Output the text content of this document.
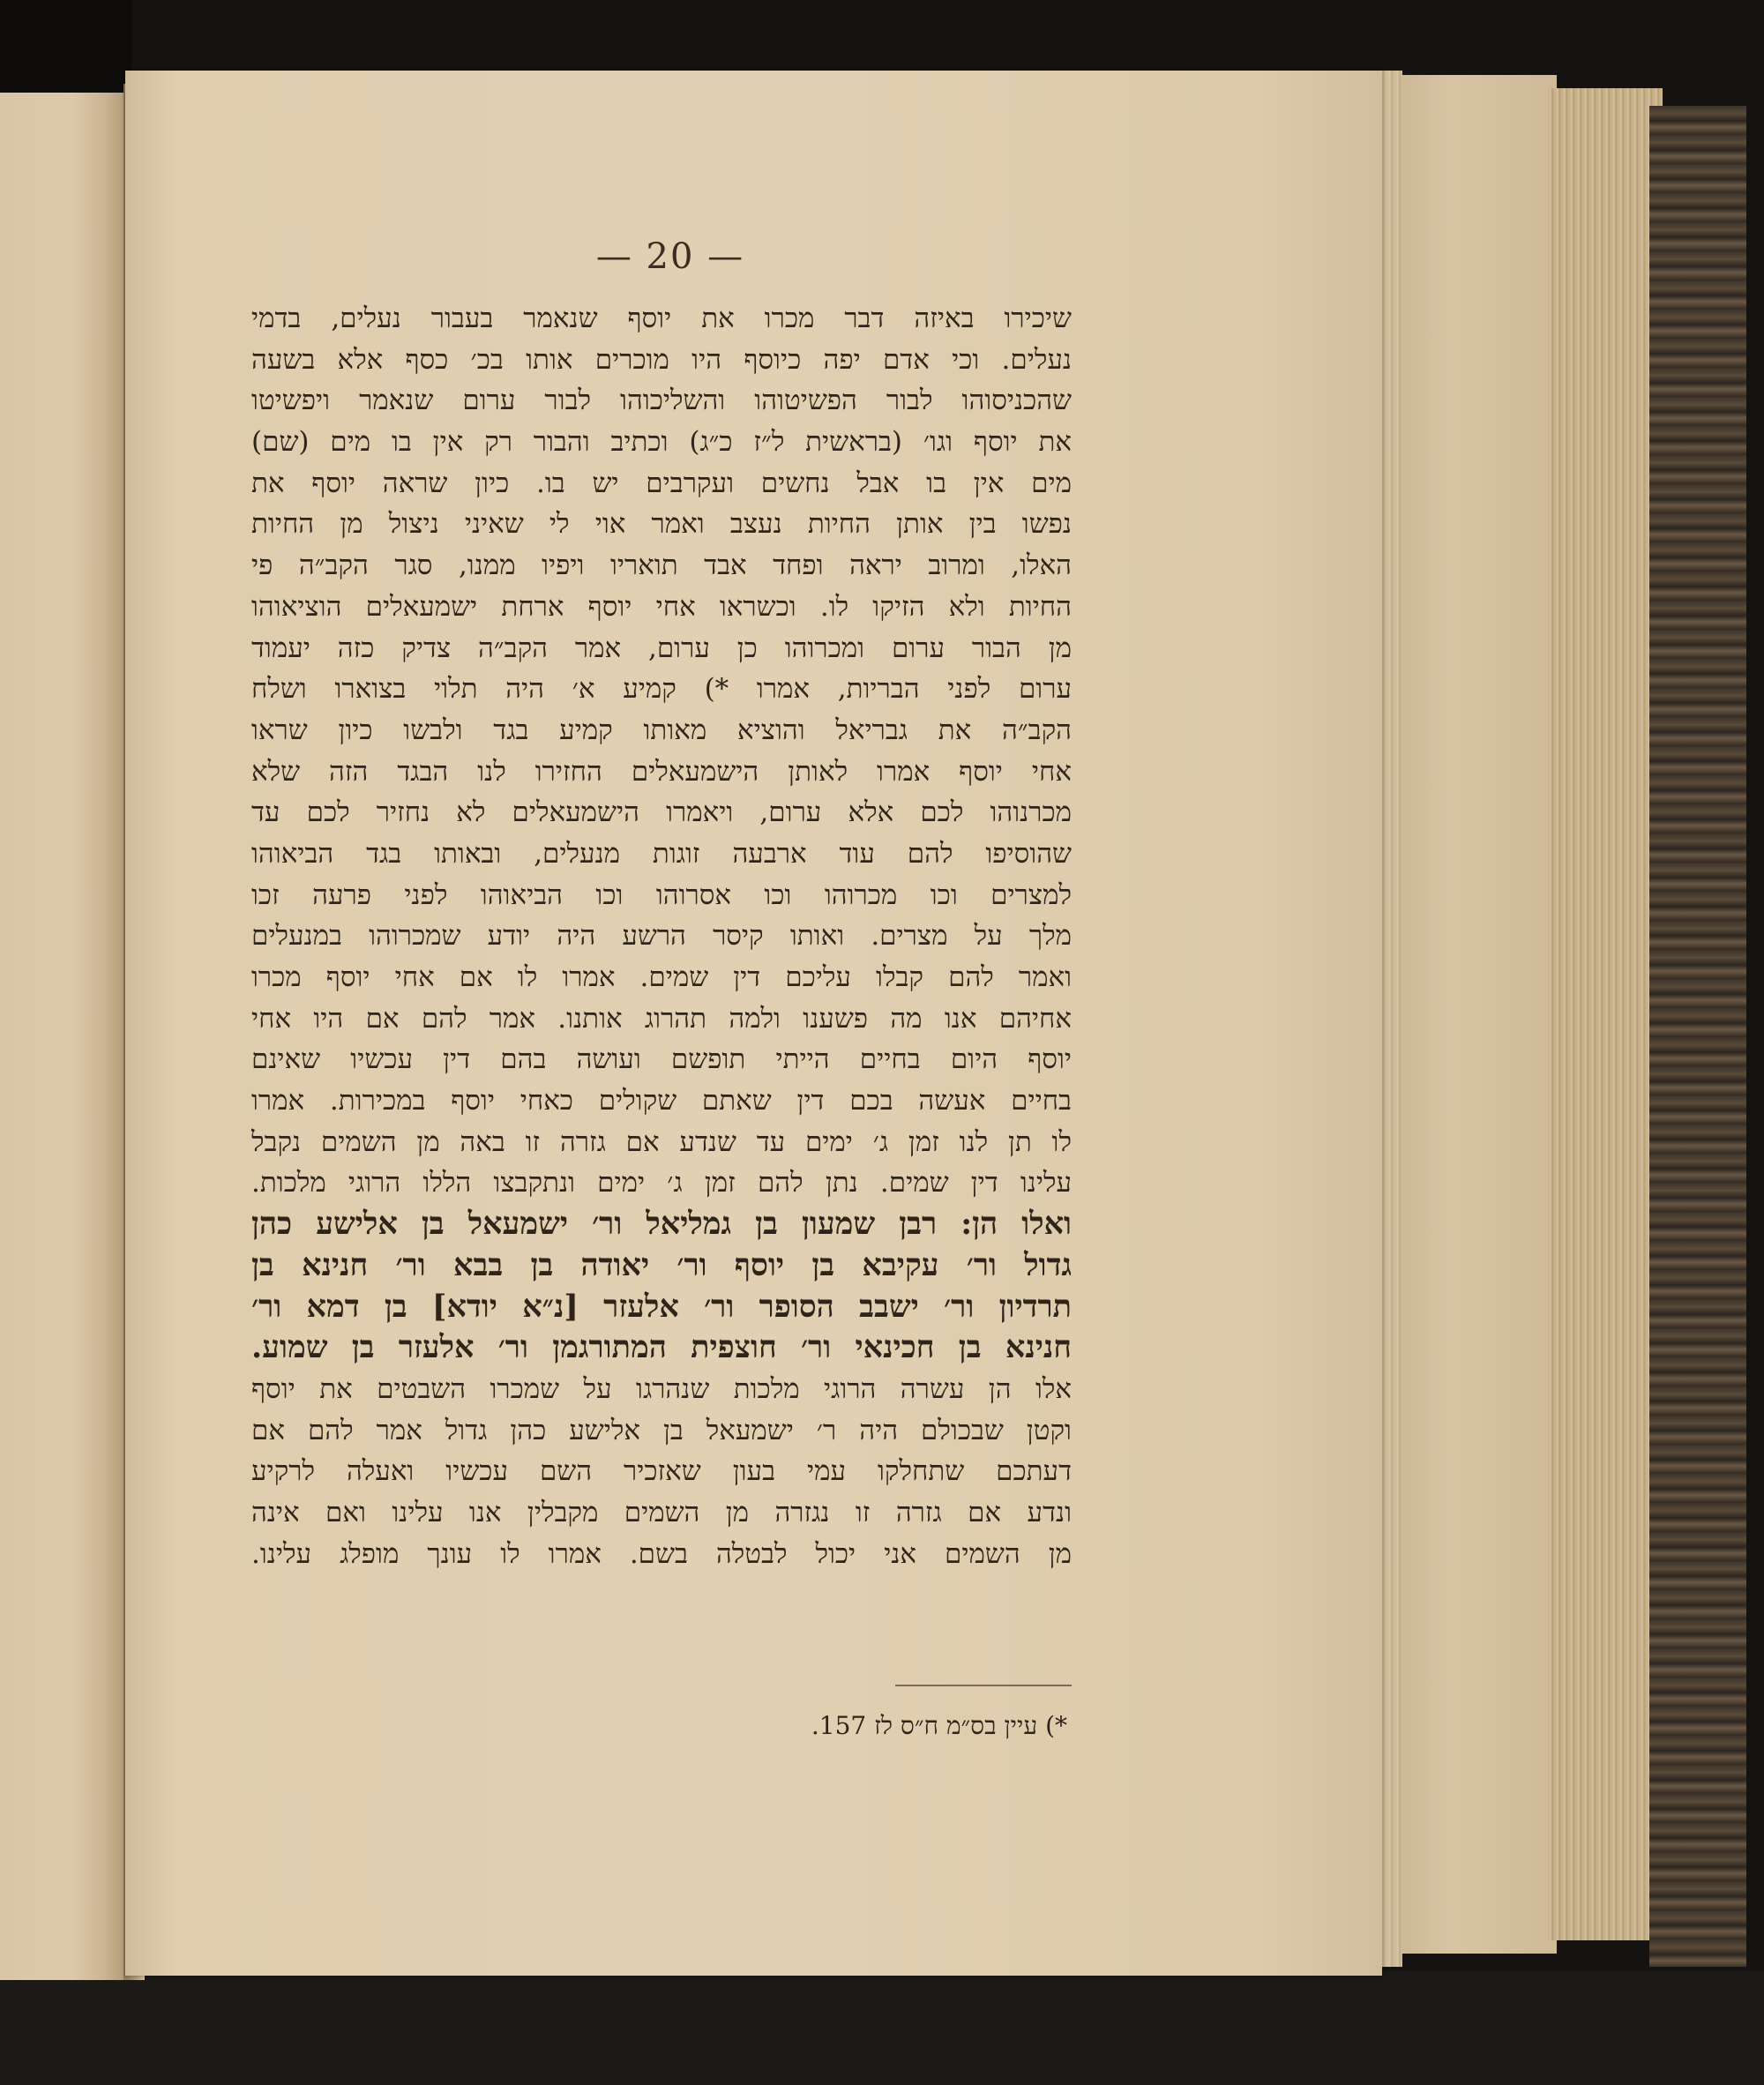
— 20 —
שיכירו באיזה דבר מכרו את יוסף שנאמר בעבור נעלים, בדמי
נעלים. וכי אדם יפה כיוסף היו מוכרים אותו בכ׳ כסף אלא בשעה
שהכניסוהו לבור הפשיטוהו והשליכוהו לבור ערום שנאמר ויפשיטו
את יוסף וגו׳ (בראשית ל״ז כ״ג) וכתיב והבור רק אין בו מים (שם)
מים אין בו אבל נחשים ועקרבים יש בו. כיון שראה יוסף את
נפשו בין אותן החיות נעצב ואמר אוי לי שאיני ניצול מן החיות
האלו, ומרוב יראה ופחד אבד תואריו ויפיו ממנו, סגר הקב״ה פי
החיות ולא הזיקו לו. וכשראו אחי יוסף ארחת ישמעאלים הוציאוהו
מן הבור ערום ומכרוהו כן ערום, אמר הקב״ה צדיק כזה יעמוד
ערום לפני הבריות, אמרו *) קמיע א׳ היה תלוי בצוארו ושלח
הקב״ה את גבריאל והוציא מאותו קמיע בגד ולבשו כיון שראו
אחי יוסף אמרו לאותן הישמעאלים החזירו לנו הבגד הזה שלא
מכרנוהו לכם אלא ערום, ויאמרו הישמעאלים לא נחזיר לכם עד
שהוסיפו להם עוד ארבעה זוגות מנעלים, ובאותו בגד הביאוהו
למצרים וכו מכרוהו וכו אסרוהו וכו הביאוהו לפני פרעה זכו
מלך על מצרים. ואותו קיסר הרשע היה יודע שמכרוהו במנעלים
ואמר להם קבלו עליכם דין שמים. אמרו לו אם אחי יוסף מכרו
אחיהם אנו מה פשענו ולמה תהרוג אותנו. אמר להם אם היו אחי
יוסף היום בחיים הייתי תופשם ועושה בהם דין עכשיו שאינם
בחיים אעשה בכם דין שאתם שקולים כאחי יוסף במכירות. אמרו
לו תן לנו זמן ג׳ ימים עד שנדע אם גזרה זו באה מן השמים נקבל
עלינו דין שמים. נתן להם זמן ג׳ ימים ונתקבצו הללו הרוגי מלכות.
ואלו הן: רבן שמעון בן גמליאל ור׳ ישמעאל בן אלישע כהן
גדול ור׳ עקיבא בן יוסף ור׳ יאודה בן בבא ור׳ חנינא בן
תרדיון ור׳ ישבב הסופר ור׳ אלעזר [נ״א יודא] בן דמא ור׳
חנינא בן חכינאי ור׳ חוצפית המתורגמן ור׳ אלעזר בן שמוע.
אלו הן עשרה הרוגי מלכות שנהרגו על שמכרו השבטים את יוסף
וקטן שבכולם היה ר׳ ישמעאל בן אלישע כהן גדול אמר להם אם
דעתכם שתחלקו עמי בעון שאזכיר השם עכשיו ואעלה לרקיע
ונדע אם גזרה זו נגזרה מן השמים מקבלין אנו עלינו ואם אינה
מן השמים אני יכול לבטלה בשם. אמרו לו עונך מופלג עלינו.
*) עיין בס״מ ח״ס לז 157.
